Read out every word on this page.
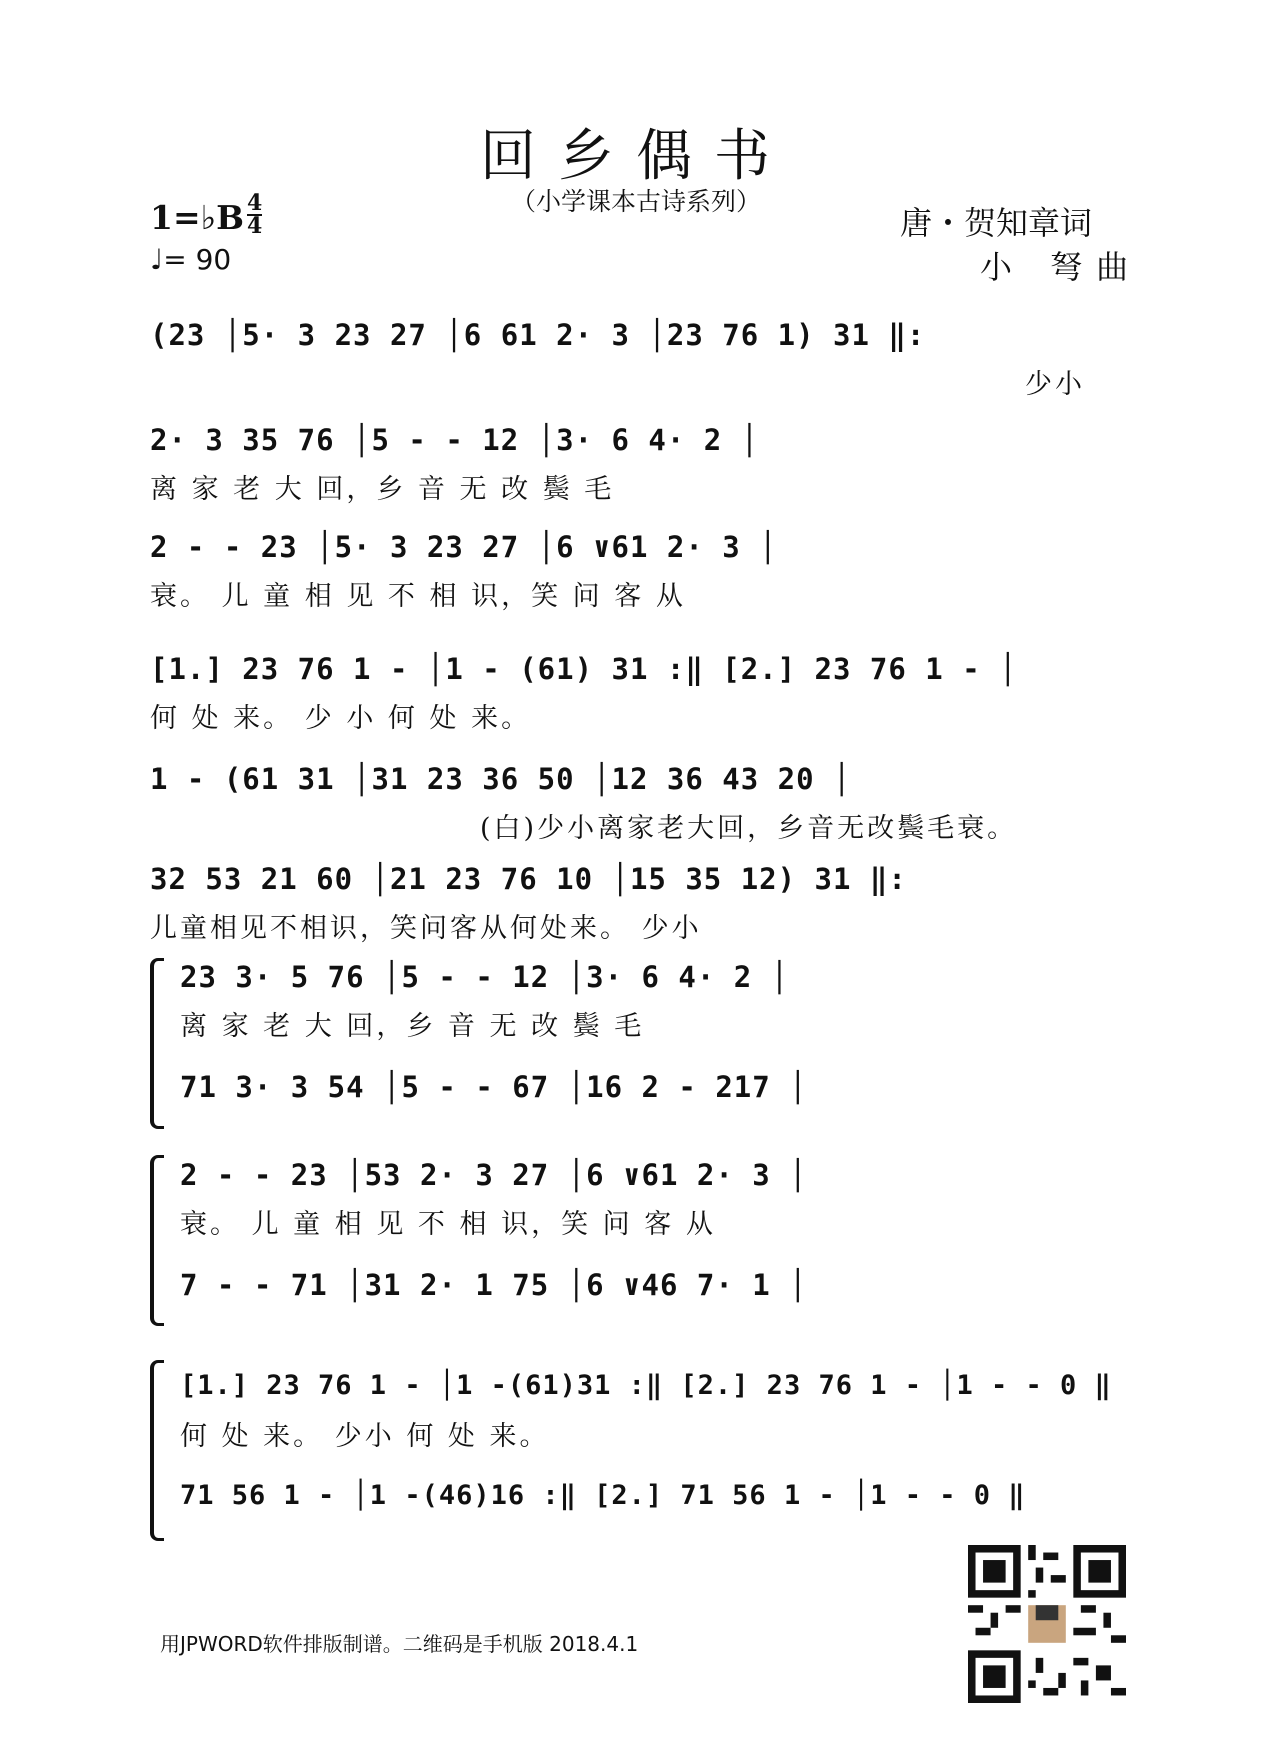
回乡偶书
（小学课本古诗系列）
1=♭B 4
4
♩= 90
唐・贺知章词
小 弩曲
(23 │5· 3 23 27 │6 61 2· 3 │23 76 1) 31 ‖:
少小
2· 3 35 76 │5 - - 12 │3· 6 4· 2 │
离 家 老 大 回，乡 音 无 改 鬓 毛
2 - - 23 │5· 3 23 27 │6 ∨61 2· 3 │
衰。 儿 童 相 见 不 相 识，笑 问 客 从
[1.] 23 76 1 - │1 - (61) 31 :‖ [2.] 23 76 1 - │
何 处 来。 少 小 何 处 来。
1 - (61 31 │31 23 36 50 │12 36 43 20 │
(白)少小离家老大回，乡音无改鬓毛衰。
32 53 21 60 │21 23 76 10 │15 35 12) 31 ‖:
儿童相见不相识，笑问客从何处来。 少小
23 3· 5 76 │5 - - 12 │3· 6 4· 2 │
离 家 老 大 回，乡 音 无 改 鬓 毛
71 3· 3 54 │5 - - 67 │16 2 - 217 │
2 - - 23 │53 2· 3 27 │6 ∨61 2· 3 │
衰。 儿 童 相 见 不 相 识，笑 问 客 从
7 - - 71 │31 2· 1 75 │6 ∨46 7· 1 │
[1.] 23 76 1 - │1 -(61)31 :‖ [2.] 23 76 1 - │1 - - 0 ‖
何 处 来。 少小 何 处 来。
71 56 1 - │1 -(46)16 :‖ [2.] 71 56 1 - │1 - - 0 ‖
用JPWORD软件排版制谱。二维码是手机版 2018.4.1
